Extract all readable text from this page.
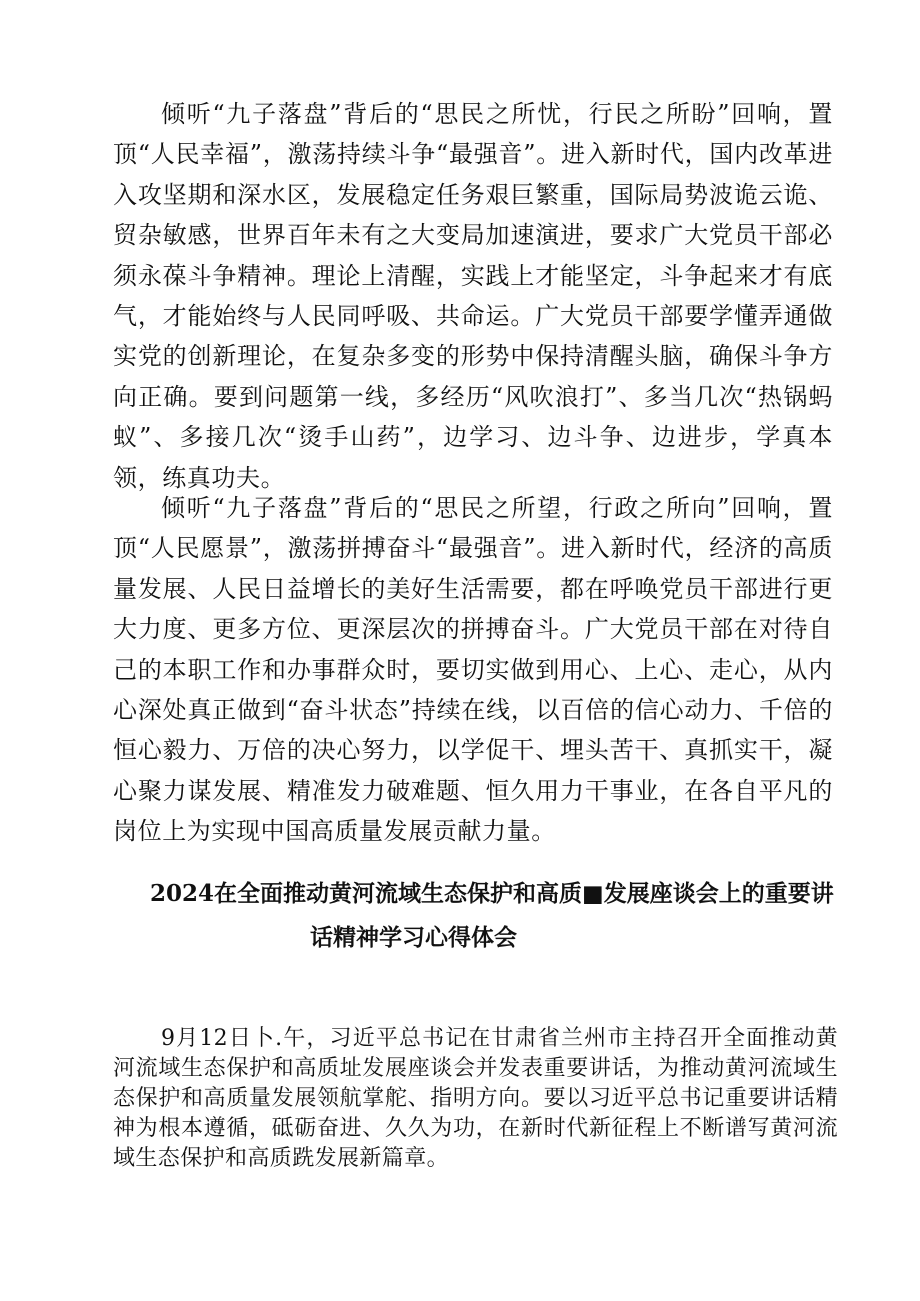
倾听“九子落盘”背后的“思民之所忧，行民之所盼”回响，置顶“人民幸福”，激荡持续斗争“最强音”。进入新时代，国内改革进入攻坚期和深水区，发展稳定任务艰巨繁重，国际局势波诡云诡、贸杂敏感，世界百年未有之大变局加速演进，要求广大党员干部必须永葆斗争精神。理论上清醒，实践上才能坚定，斗争起来才有底气，才能始终与人民同呼吸、共命运。广大党员干部要学懂弄通做实党的创新理论，在复杂多变的形势中保持清醒头脑，确保斗争方向正确。要到问题第一线，多经历“风吹浪打”、多当几次“热锅蚂蚁”、多接几次“烫手山药”，边学习、边斗争、边进步，学真本领，练真功夫。

倾听“九子落盘”背后的“思民之所望，行政之所向”回响，置顶“人民愿景”，激荡拼搏奋斗“最强音”。进入新时代，经济的高质量发展、人民日益增长的美好生活需要，都在呼唤党员干部进行更大力度、更多方位、更深层次的拼搏奋斗。广大党员干部在对待自己的本职工作和办事群众时，要切实做到用心、上心、走心，从内心深处真正做到“奋斗状态”持续在线，以百倍的信心动力、千倍的恒心毅力、万倍的决心努力，以学促干、埋头苦干、真抓实干，凝心聚力谋发展、精准发力破难题、恒久用力干事业，在各自平凡的岗位上为实现中国高质量发展贡献力量。

2024在全面推动黄河流域生态保护和高质■发展座谈会上的重要讲
话精神学习心得体会

9月12日卜.午，习近平总书记在甘肃省兰州市主持召开全面推动黄河流域生态保护和高质址发展座谈会并发表重要讲话，为推动黄河流域生态保护和高质量发展领航掌舵、指明方向。要以习近平总书记重要讲话精神为根本遵循，砥砺奋进、久久为功，在新时代新征程上不断谱写黄河流域生态保护和高质跣发展新篇章。
